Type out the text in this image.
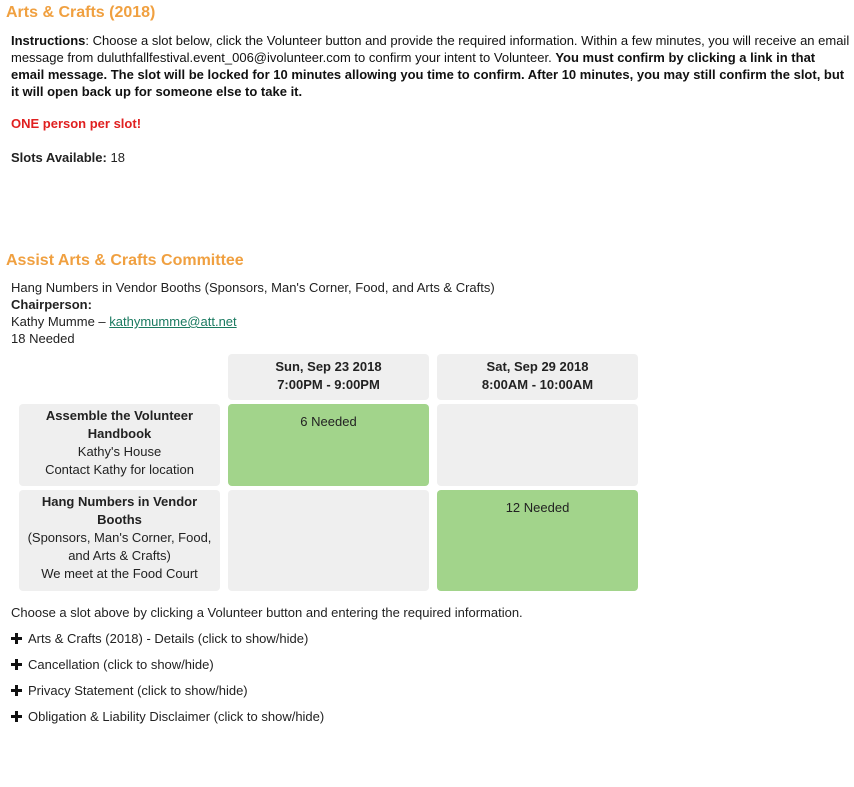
Arts & Crafts (2018)
Instructions: Choose a slot below, click the Volunteer button and provide the required information. Within a few minutes, you will receive an email message from duluthfallfestival.event_006@ivolunteer.com to confirm your intent to Volunteer. You must confirm by clicking a link in that email message. The slot will be locked for 10 minutes allowing you time to confirm. After 10 minutes, you may still confirm the slot, but it will open back up for someone else to take it.
ONE person per slot!
Slots Available: 18
Assist Arts & Crafts Committee
Hang Numbers in Vendor Booths (Sponsors, Man's Corner, Food, and Arts & Crafts)
Chairperson:
Kathy Mumme – kathymumme@att.net
18 Needed
Sun, Sep 23 2018
7:00PM - 9:00PM
Sat, Sep 29 2018
8:00AM - 10:00AM
Assemble the Volunteer Handbook
Kathy's House
Contact Kathy for location
6 Needed
Hang Numbers in Vendor Booths
(Sponsors, Man's Corner, Food, and Arts & Crafts)
We meet at the Food Court
12 Needed
Choose a slot above by clicking a Volunteer button and entering the required information.
Arts & Crafts (2018) - Details (click to show/hide)
Cancellation (click to show/hide)
Privacy Statement (click to show/hide)
Obligation & Liability Disclaimer (click to show/hide)
